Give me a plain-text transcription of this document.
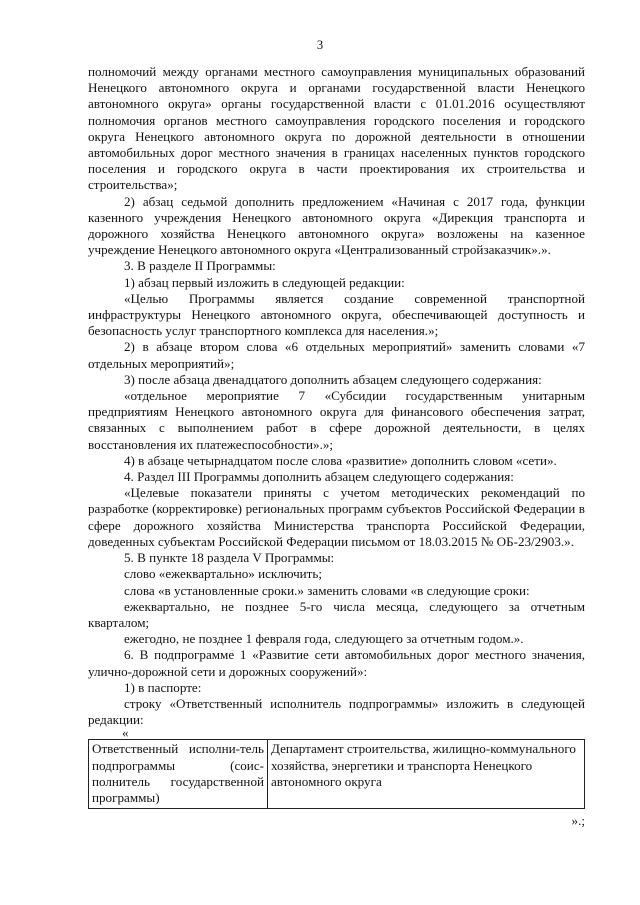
3

полномочий между органами местного самоуправления муниципальных образований Ненецкого автономного округа и органами государственной власти Ненецкого автономного округа» органы государственной власти с 01.01.2016 осуществляют полномочия органов местного самоуправления городского поселения и городского округа Ненецкого автономного округа по дорожной деятельности в отношении автомобильных дорог местного значения в границах населенных пунктов городского поселения и городского округа в части проектирования их строительства и строительства»;

2) абзац седьмой дополнить предложением «Начиная с 2017 года, функции казенного учреждения Ненецкого автономного округа «Дирекция транспорта и дорожного хозяйства Ненецкого автономного округа» возложены на казенное учреждение Ненецкого автономного округа «Централизованный стройзаказчик».».

3. В разделе II Программы:

1) абзац первый изложить в следующей редакции:

«Целью Программы является создание современной транспортной инфраструктуры Ненецкого автономного округа, обеспечивающей доступность и безопасность услуг транспортного комплекса для населения.»;

2) в абзаце втором слова «6 отдельных мероприятий» заменить словами «7 отдельных мероприятий»;

3) после абзаца двенадцатого дополнить абзацем следующего содержания:

«отдельное мероприятие 7 «Субсидии государственным унитарным предприятиям Ненецкого автономного округа для финансового обеспечения затрат, связанных с выполнением работ в сфере дорожной деятельности, в целях восстановления их платежеспособности».»;

4) в абзаце четырнадцатом после слова «развитие» дополнить словом «сети».

4. Раздел III Программы дополнить абзацем следующего содержания:

«Целевые показатели приняты с учетом методических рекомендаций по разработке (корректировке) региональных программ субъектов Российской Федерации в сфере дорожного хозяйства Министерства транспорта Российской Федерации, доведенных субъектам Российской Федерации письмом от 18.03.2015 № ОБ-23/2903.».

5. В пункте 18 раздела V Программы:

слово «ежеквартально» исключить;

слова «в установленные сроки.» заменить словами «в следующие сроки:

ежеквартально, не позднее 5-го числа месяца, следующего за отчетным кварталом;

ежегодно, не позднее 1 февраля года, следующего за отчетным годом.».

6. В подпрограмме 1 «Развитие сети автомобильных дорог местного значения, улично-дорожной сети и дорожных сооружений»:

1) в паспорте:

строку «Ответственный исполнитель подпрограммы» изложить в следующей редакции:

«

Ответственный исполни-тель подпрограммы (соис-полнитель государственной программы)	Департамент строительства, жилищно-коммунального хозяйства, энергетики и транспорта Ненецкого автономного округа

».;
